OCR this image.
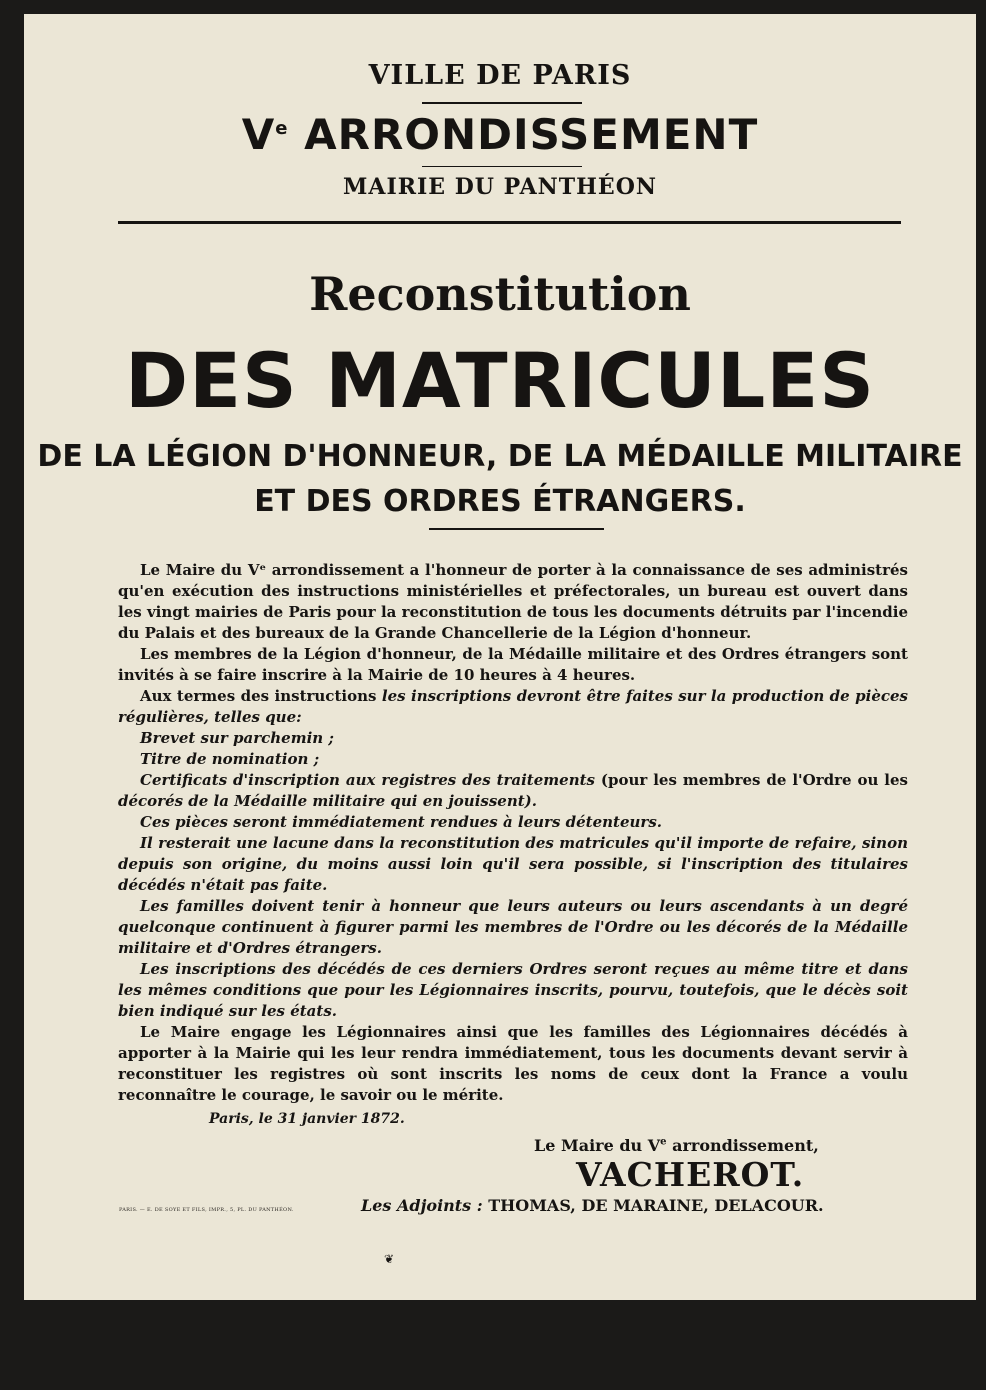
VILLE DE PARIS
Ve ARRONDISSEMENT
MAIRIE DU PANTHÉON
Reconstitution
DES MATRICULES
DE LA LÉGION D'HONNEUR, DE LA MÉDAILLE MILITAIRE
ET DES ORDRES ÉTRANGERS.

Le Maire du Vᵉ arrondissement a l'honneur de porter à la connaissance de ses administrés qu'en exécution des instructions ministérielles et préfectorales, un bureau est ouvert dans les vingt mairies de Paris pour la reconstitution de tous les documents détruits par l'incendie du Palais et des bureaux de la Grande Chancellerie de la Légion d'honneur.

Les membres de la Légion d'honneur, de la Médaille militaire et des Ordres étrangers sont invités à se faire inscrire à la Mairie de 10 heures à 4 heures.

Aux termes des instructions les inscriptions devront être faites sur la production de pièces régulières, telles que:

Brevet sur parchemin ;

Titre de nomination ;

Certificats d'inscription aux registres des traitements (pour les membres de l'Ordre ou les décorés de la Médaille militaire qui en jouissent).

Ces pièces seront immédiatement rendues à leurs détenteurs.

Il resterait une lacune dans la reconstitution des matricules qu'il importe de refaire, sinon depuis son origine, du moins aussi loin qu'il sera possible, si l'inscription des titulaires décédés n'était pas faite.

Les familles doivent tenir à honneur que leurs auteurs ou leurs ascendants à un degré quelconque continuent à figurer parmi les membres de l'Ordre ou les décorés de la Médaille militaire et d'Ordres étrangers.

Les inscriptions des décédés de ces derniers Ordres seront reçues au même titre et dans les mêmes conditions que pour les Légionnaires inscrits, pourvu, toutefois, que le décès soit bien indiqué sur les états.

Le Maire engage les Légionnaires ainsi que les familles des Légionnaires décédés à apporter à la Mairie qui les leur rendra immédiatement, tous les documents devant servir à reconstituer les registres où sont inscrits les noms de ceux dont la France a voulu reconnaître le courage, le savoir ou le mérite.

Paris, le 31 janvier 1872.
Le Maire du Ve arrondissement,
VACHEROT.
Les Adjoints : THOMAS, DE MARAINE, DELACOUR.
PARIS. — E. DE SOYE ET FILS, IMPR., 5, PL. DU PANTHÉON.
❦
